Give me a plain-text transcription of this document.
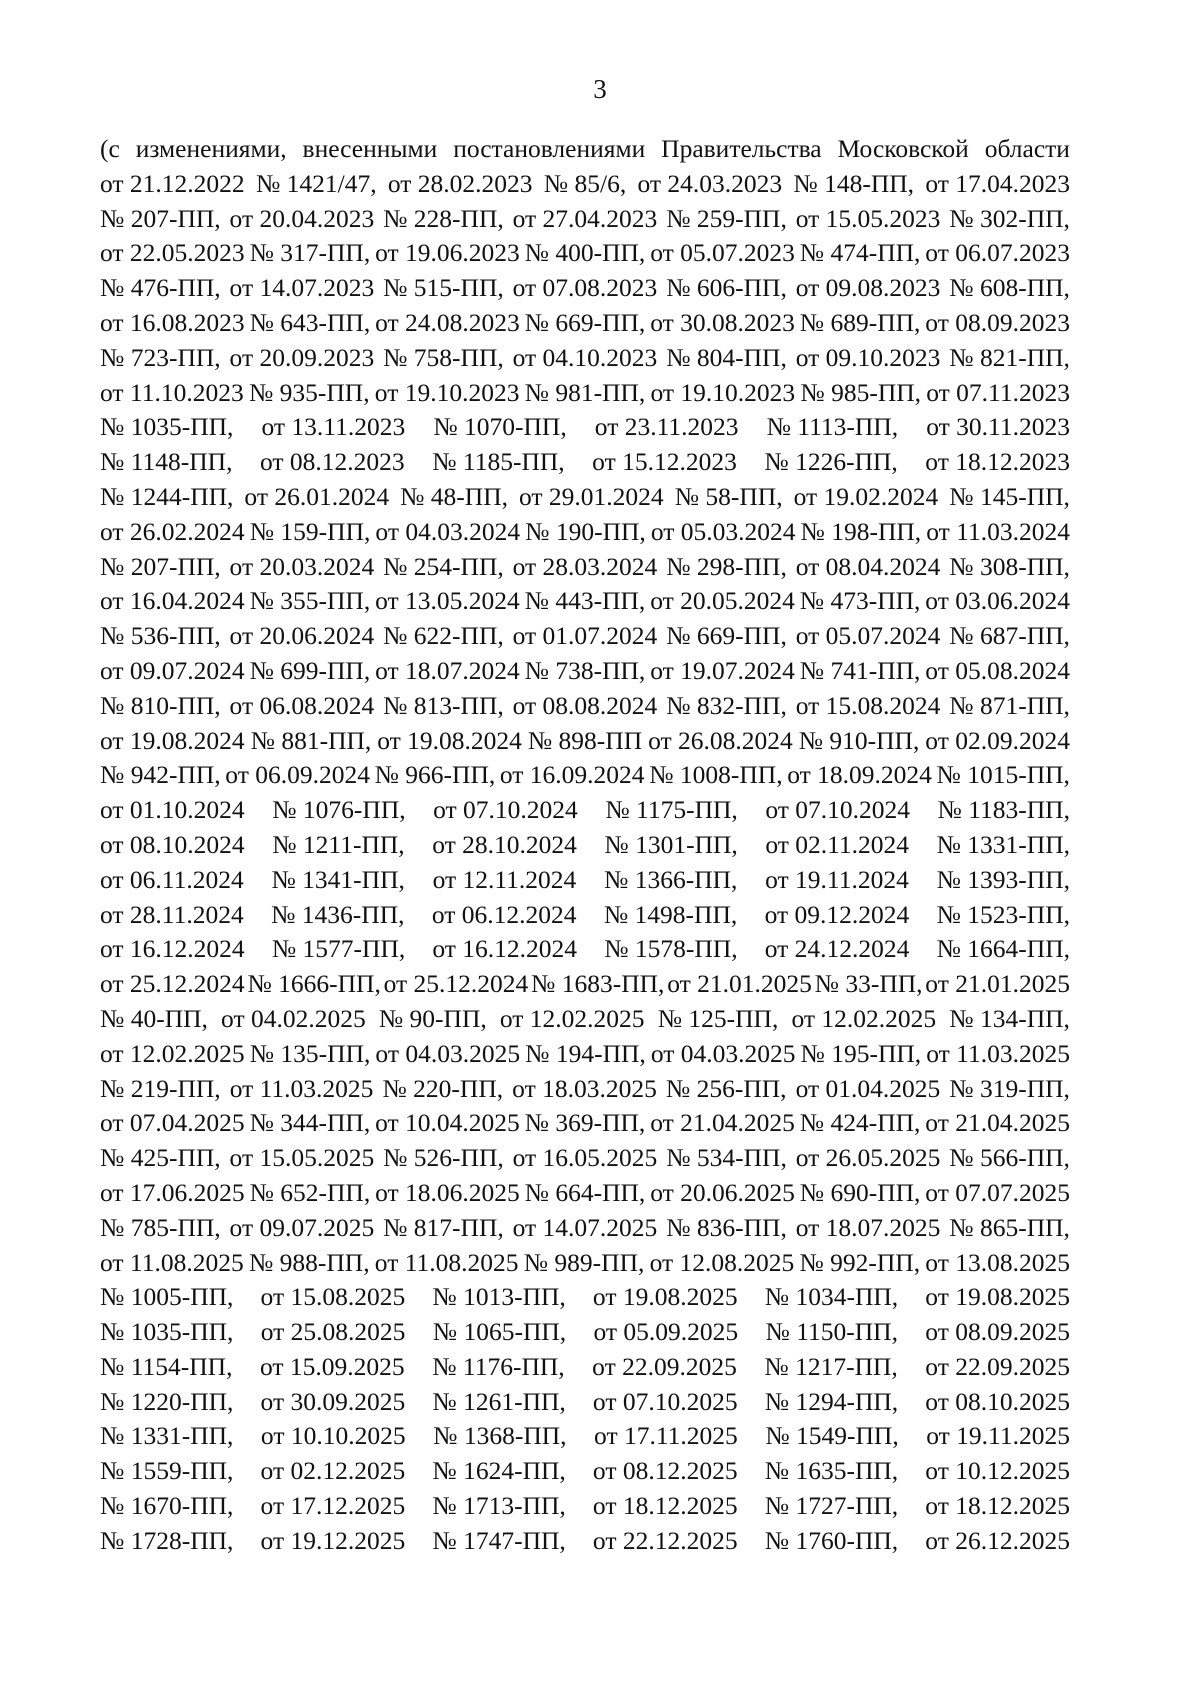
3
(с изменениями, внесенными постановлениями Правительства Московской области
от 21.12.2022 № 1421/47, от 28.02.2023 № 85/6, от 24.03.2023 № 148-ПП, от 17.04.2023
№ 207-ПП, от 20.04.2023 № 228-ПП, от 27.04.2023 № 259-ПП, от 15.05.2023 № 302-ПП,
от 22.05.2023 № 317-ПП, от 19.06.2023 № 400-ПП, от 05.07.2023 № 474-ПП, от 06.07.2023
№ 476-ПП, от 14.07.2023 № 515-ПП, от 07.08.2023 № 606-ПП, от 09.08.2023 № 608-ПП,
от 16.08.2023 № 643-ПП, от 24.08.2023 № 669-ПП, от 30.08.2023 № 689-ПП, от 08.09.2023
№ 723-ПП, от 20.09.2023 № 758-ПП, от 04.10.2023 № 804-ПП, от 09.10.2023 № 821-ПП,
от 11.10.2023 № 935-ПП, от 19.10.2023 № 981-ПП, от 19.10.2023 № 985-ПП, от 07.11.2023
№ 1035-ПП, от 13.11.2023 № 1070-ПП, от 23.11.2023 № 1113-ПП, от 30.11.2023
№ 1148-ПП, от 08.12.2023 № 1185-ПП, от 15.12.2023 № 1226-ПП, от 18.12.2023
№ 1244-ПП, от 26.01.2024 № 48-ПП, от 29.01.2024 № 58-ПП, от 19.02.2024 № 145-ПП,
от 26.02.2024 № 159-ПП, от 04.03.2024 № 190-ПП, от 05.03.2024 № 198-ПП, от 11.03.2024
№ 207-ПП, от 20.03.2024 № 254-ПП, от 28.03.2024 № 298-ПП, от 08.04.2024 № 308-ПП,
от 16.04.2024 № 355-ПП, от 13.05.2024 № 443-ПП, от 20.05.2024 № 473-ПП, от 03.06.2024
№ 536-ПП, от 20.06.2024 № 622-ПП, от 01.07.2024 № 669-ПП, от 05.07.2024 № 687-ПП,
от 09.07.2024 № 699-ПП, от 18.07.2024 № 738-ПП, от 19.07.2024 № 741-ПП, от 05.08.2024
№ 810-ПП, от 06.08.2024 № 813-ПП, от 08.08.2024 № 832-ПП, от 15.08.2024 № 871-ПП,
от 19.08.2024 № 881-ПП, от 19.08.2024 № 898-ПП от 26.08.2024 № 910-ПП, от 02.09.2024
№ 942-ПП, от 06.09.2024 № 966-ПП, от 16.09.2024 № 1008-ПП, от 18.09.2024 № 1015-ПП,
от 01.10.2024 № 1076-ПП, от 07.10.2024 № 1175-ПП, от 07.10.2024 № 1183-ПП,
от 08.10.2024 № 1211-ПП, от 28.10.2024 № 1301-ПП, от 02.11.2024 № 1331-ПП,
от 06.11.2024 № 1341-ПП, от 12.11.2024 № 1366-ПП, от 19.11.2024 № 1393-ПП,
от 28.11.2024 № 1436-ПП, от 06.12.2024 № 1498-ПП, от 09.12.2024 № 1523-ПП,
от 16.12.2024 № 1577-ПП, от 16.12.2024 № 1578-ПП, от 24.12.2024 № 1664-ПП,
от 25.12.2024 № 1666-ПП, от 25.12.2024 № 1683-ПП, от 21.01.2025 № 33-ПП, от 21.01.2025
№ 40-ПП, от 04.02.2025 № 90-ПП, от 12.02.2025 № 125-ПП, от 12.02.2025 № 134-ПП,
от 12.02.2025 № 135-ПП, от 04.03.2025 № 194-ПП, от 04.03.2025 № 195-ПП, от 11.03.2025
№ 219-ПП, от 11.03.2025 № 220-ПП, от 18.03.2025 № 256-ПП, от 01.04.2025 № 319-ПП,
от 07.04.2025 № 344-ПП, от 10.04.2025 № 369-ПП, от 21.04.2025 № 424-ПП, от 21.04.2025
№ 425-ПП, от 15.05.2025 № 526-ПП, от 16.05.2025 № 534-ПП, от 26.05.2025 № 566-ПП,
от 17.06.2025 № 652-ПП, от 18.06.2025 № 664-ПП, от 20.06.2025 № 690-ПП, от 07.07.2025
№ 785-ПП, от 09.07.2025 № 817-ПП, от 14.07.2025 № 836-ПП, от 18.07.2025 № 865-ПП,
от 11.08.2025 № 988-ПП, от 11.08.2025 № 989-ПП, от 12.08.2025 № 992-ПП, от 13.08.2025
№ 1005-ПП, от 15.08.2025 № 1013-ПП, от 19.08.2025 № 1034-ПП, от 19.08.2025
№ 1035-ПП, от 25.08.2025 № 1065-ПП, от 05.09.2025 № 1150-ПП, от 08.09.2025
№ 1154-ПП, от 15.09.2025 № 1176-ПП, от 22.09.2025 № 1217-ПП, от 22.09.2025
№ 1220-ПП, от 30.09.2025 № 1261-ПП, от 07.10.2025 № 1294-ПП, от 08.10.2025
№ 1331-ПП, от 10.10.2025 № 1368-ПП, от 17.11.2025 № 1549-ПП, от 19.11.2025
№ 1559-ПП, от 02.12.2025 № 1624-ПП, от 08.12.2025 № 1635-ПП, от 10.12.2025
№ 1670-ПП, от 17.12.2025 № 1713-ПП, от 18.12.2025 № 1727-ПП, от 18.12.2025
№ 1728-ПП, от 19.12.2025 № 1747-ПП, от 22.12.2025 № 1760-ПП, от 26.12.2025
